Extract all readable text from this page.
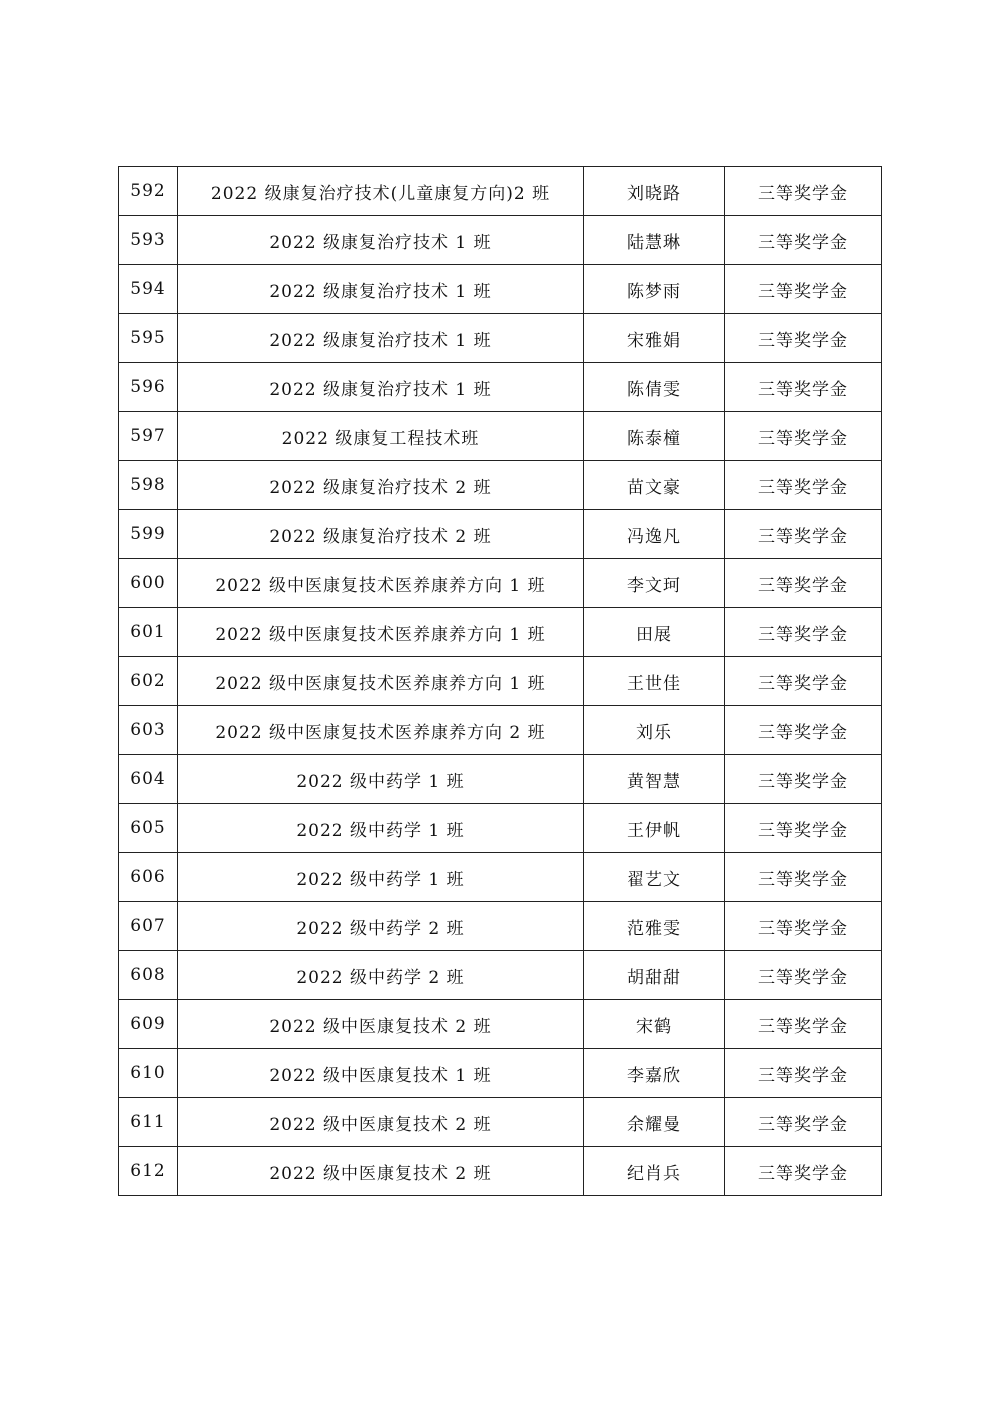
592	2022 级康复治疗技术(儿童康复方向)2 班	刘晓路	三等奖学金
593	2022 级康复治疗技术 1 班	陆慧琳	三等奖学金
594	2022 级康复治疗技术 1 班	陈梦雨	三等奖学金
595	2022 级康复治疗技术 1 班	宋雅娟	三等奖学金
596	2022 级康复治疗技术 1 班	陈倩雯	三等奖学金
597	2022 级康复工程技术班	陈泰橦	三等奖学金
598	2022 级康复治疗技术 2 班	苗文豪	三等奖学金
599	2022 级康复治疗技术 2 班	冯逸凡	三等奖学金
600	2022 级中医康复技术医养康养方向 1 班	李文珂	三等奖学金
601	2022 级中医康复技术医养康养方向 1 班	田展	三等奖学金
602	2022 级中医康复技术医养康养方向 1 班	王世佳	三等奖学金
603	2022 级中医康复技术医养康养方向 2 班	刘乐	三等奖学金
604	2022 级中药学 1 班	黄智慧	三等奖学金
605	2022 级中药学 1 班	王伊帆	三等奖学金
606	2022 级中药学 1 班	翟艺文	三等奖学金
607	2022 级中药学 2 班	范雅雯	三等奖学金
608	2022 级中药学 2 班	胡甜甜	三等奖学金
609	2022 级中医康复技术 2 班	宋鹤	三等奖学金
610	2022 级中医康复技术 1 班	李嘉欣	三等奖学金
611	2022 级中医康复技术 2 班	余耀曼	三等奖学金
612	2022 级中医康复技术 2 班	纪肖兵	三等奖学金
